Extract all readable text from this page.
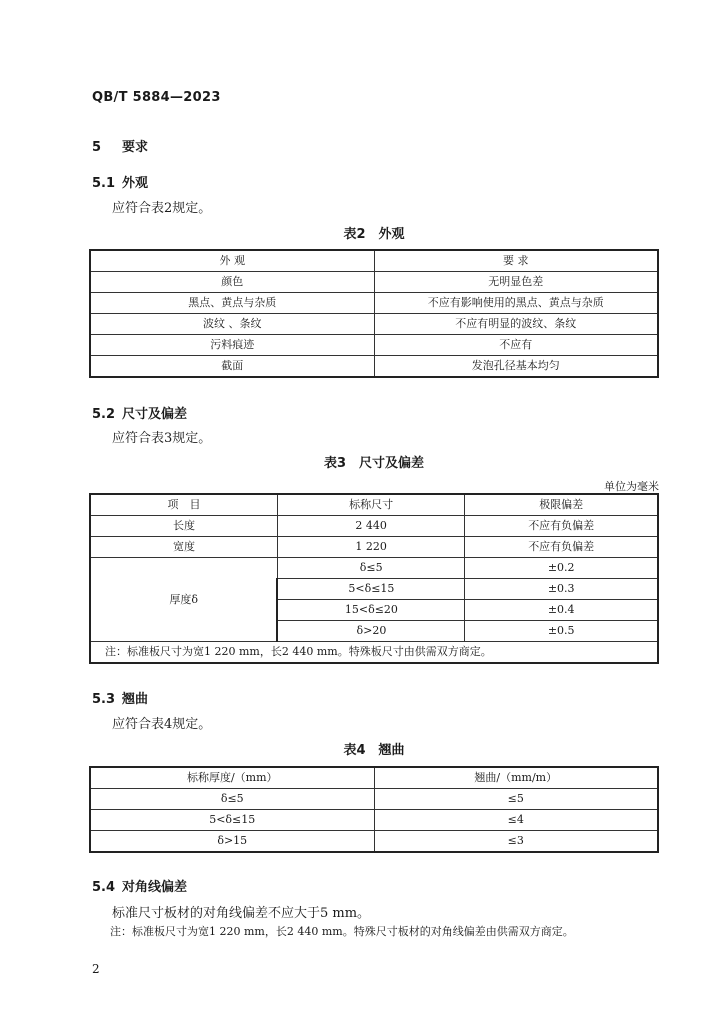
QB/T 5884—2023
5 要求
5.1 外观
应符合表2规定。
表2　外观
外 观	要 求
颜色	无明显色差
黑点、黄点与杂质	不应有影响使用的黑点、黄点与杂质
波纹 、条纹	不应有明显的波纹、条纹
污料痕迹	不应有
截面	发泡孔径基本均匀
5.2 尺寸及偏差
应符合表3规定。
表3　尺寸及偏差
单位为毫米
项　目	标称尺寸	极限偏差
长度	2 440	不应有负偏差
宽度	1 220	不应有负偏差
厚度δ	δ≤5	±0.2
	5<δ≤15	±0.3
	15<δ≤20	±0.4
	δ>20	±0.5
注：标准板尺寸为宽1 220 mm，长2 440 mm。特殊板尺寸由供需双方商定。		
5.3 翘曲
应符合表4规定。
表4　翘曲
标称厚度/（mm）	翘曲/（mm/m）
δ≤5	≤5
5<δ≤15	≤4
δ>15	≤3
5.4 对角线偏差
标准尺寸板材的对角线偏差不应大于5 mm。
注：标准板尺寸为宽1 220 mm，长2 440 mm。特殊尺寸板材的对角线偏差由供需双方商定。
2
